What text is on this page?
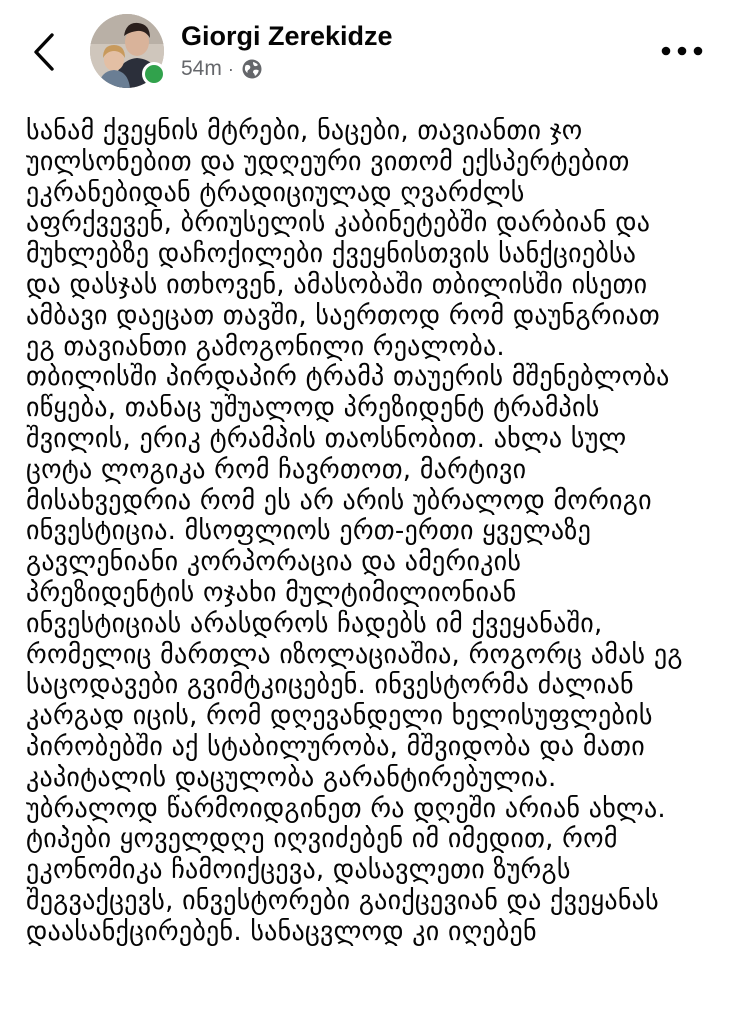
Giorgi Zerekidze
54m ·
სანამ ქვეყნის მტრები, ნაცები, თავიანთი ჯო
უილსონებით და უდღეური ვითომ ექსპერტებით
ეკრანებიდან ტრადიციულად ღვარძლს
აფრქვევენ, ბრიუსელის კაბინეტებში დარბიან და
მუხლებზე დაჩოქილები ქვეყნისთვის სანქციებსა
და დასჯას ითხოვენ, ამასობაში თბილისში ისეთი
ამბავი დაეცათ თავში, საერთოდ რომ დაუნგრიათ
ეგ თავიანთი გამოგონილი რეალობა.
თბილისში პირდაპირ ტრამპ თაუერის მშენებლობა
იწყება, თანაც უშუალოდ პრეზიდენტ ტრამპის
შვილის, ერიკ ტრამპის თაოსნობით. ახლა სულ
ცოტა ლოგიკა რომ ჩავრთოთ, მარტივი
მისახვედრია რომ ეს არ არის უბრალოდ მორიგი
ინვესტიცია. მსოფლიოს ერთ-ერთი ყველაზე
გავლენიანი კორპორაცია და ამერიკის
პრეზიდენტის ოჯახი მულტიმილიონიან
ინვესტიციას არასდროს ჩადებს იმ ქვეყანაში,
რომელიც მართლა იზოლაციაშია, როგორც ამას ეგ
საცოდავები გვიმტკიცებენ. ინვესტორმა ძალიან
კარგად იცის, რომ დღევანდელი ხელისუფლების
პირობებში აქ სტაბილურობა, მშვიდობა და მათი
კაპიტალის დაცულობა გარანტირებულია.
უბრალოდ წარმოიდგინეთ რა დღეში არიან ახლა.
ტიპები ყოველდღე იღვიძებენ იმ იმედით, რომ
ეკონომიკა ჩამოიქცევა, დასავლეთი ზურგს
შეგვაქცევს, ინვესტორები გაიქცევიან და ქვეყანას
დაასანქცირებენ. სანაცვლოდ კი იღებენ
